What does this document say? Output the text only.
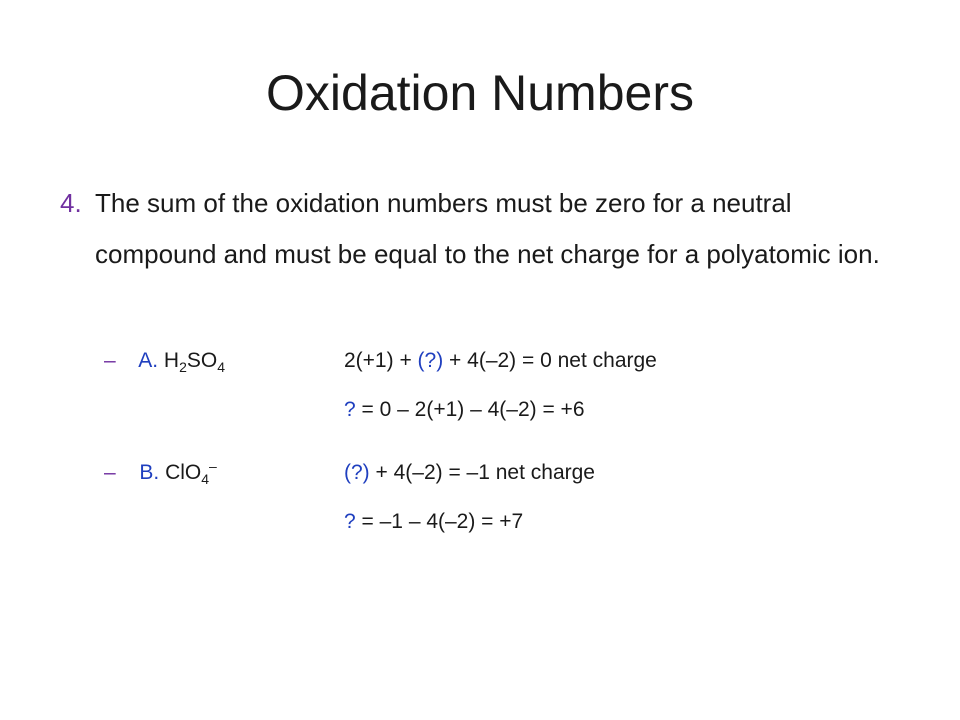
Oxidation Numbers
4. The sum of the oxidation numbers must be zero for a neutral compound and must be equal to the net charge for a polyatomic ion.
– A. $H_2SO_4$	2(+1) + (?) + 4(–2) = 0 net charge
? = 0 – 2(+1) – 4(–2) = +6
– B. ClO$_4$–	(?) + 4(–2) = –1 net charge
? = –1 – 4(–2) = +7
